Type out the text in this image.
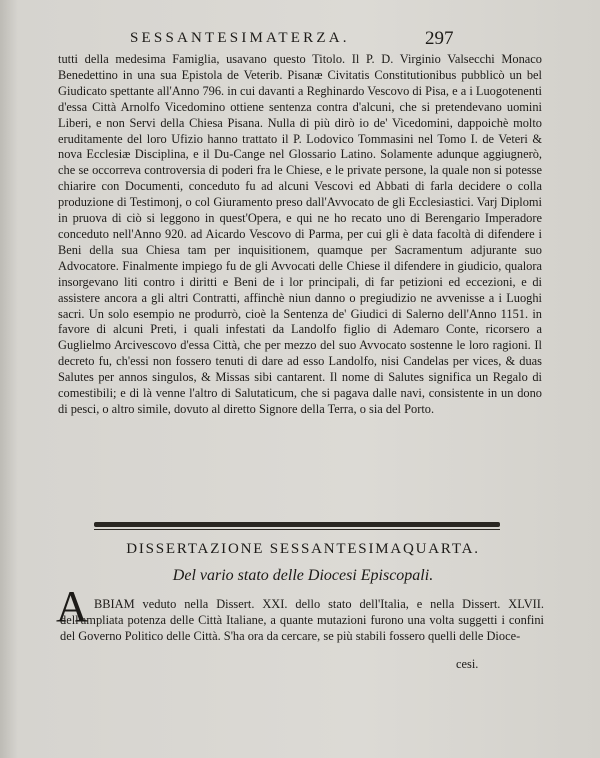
SESSANTESIMATERZA.	297

tutti della medesima Famiglia, usavano questo Titolo. Il P. D. Virginio Valsecchi Monaco Benedettino in una sua Epistola de Veterib. Pisanæ Civitatis Constitutionibus pubblicò un bel Giudicato spettante all'Anno 796. in cui davanti a Reghinardo Vescovo di Pisa, e a i Luogotenenti d'essa Città Arnolfo Vicedomino ottiene sentenza contra d'alcuni, che si pretendevano uomini Liberi, e non Servi della Chiesa Pisana. Nulla di più dirò io de' Vicedomini, dappoichè molto eruditamente del loro Ufizio hanno trattato il P. Lodovico Tommasini nel Tomo I. de Veteri & nova Ecclesiæ Disciplina, e il Du-Cange nel Glossario Latino. Solamente adunque aggiugnerò, che se occorreva controversia di poderi fra le Chiese, e le private persone, la quale non si potesse chiarire con Documenti, conceduto fu ad alcuni Vescovi ed Abbati di farla decidere o colla produzione di Testimonj, o col Giuramento preso dall'Avvocato de gli Ecclesiastici. Varj Diplomi in pruova di ciò si leggono in quest'Opera, e qui ne ho recato uno di Berengario Imperadore conceduto nell'Anno 920. ad Aicardo Vescovo di Parma, per cui gli è data facoltà di difendere i Beni della sua Chiesa tam per inquisitionem, quamque per Sacramentum adjurante suo Advocatore. Finalmente impiego fu de gli Avvocati delle Chiese il difendere in giudicio, qualora insorgevano liti contro i diritti e Beni de i lor principali, di far petizioni ed eccezioni, e di assistere ancora a gli altri Contratti, affinchè niun danno o pregiudizio ne avvenisse a i Luoghi sacri. Un solo esempio ne produrrò, cioè la Sentenza de' Giudici di Salerno dell'Anno 1151. in favore di alcuni Preti, i quali infestati da Landolfo figlio di Ademaro Conte, ricorsero a Guglielmo Arcivescovo d'essa Città, che per mezzo del suo Avvocato sostenne le loro ragioni. Il decreto fu, ch'essi non fossero tenuti di dare ad esso Landolfo, nisi Candelas per vices, & duas Salutes per annos singulos, & Missas sibi cantarent. Il nome di Salutes significa un Regalo di comestibili; e di là venne l'altro di Salutaticum, che si pagava dalle navi, consistente in un dono di pesci, o altro simile, dovuto al diretto Signore della Terra, o sia del Porto.

DISSERTAZIONE SESSANTESIMAQUARTA.
Del vario stato delle Diocesi Episcopali.
A BBIAM veduto nella Dissert. XXI. dello stato dell'Italia, e nella Dissert. XLVII. dell'ampliata potenza delle Città Italiane, a quante mutazioni furono una volta suggetti i confini del Governo Politico delle Città. S'ha ora da cercare, se più stabili fossero quelli delle Dioce-
cesi.
